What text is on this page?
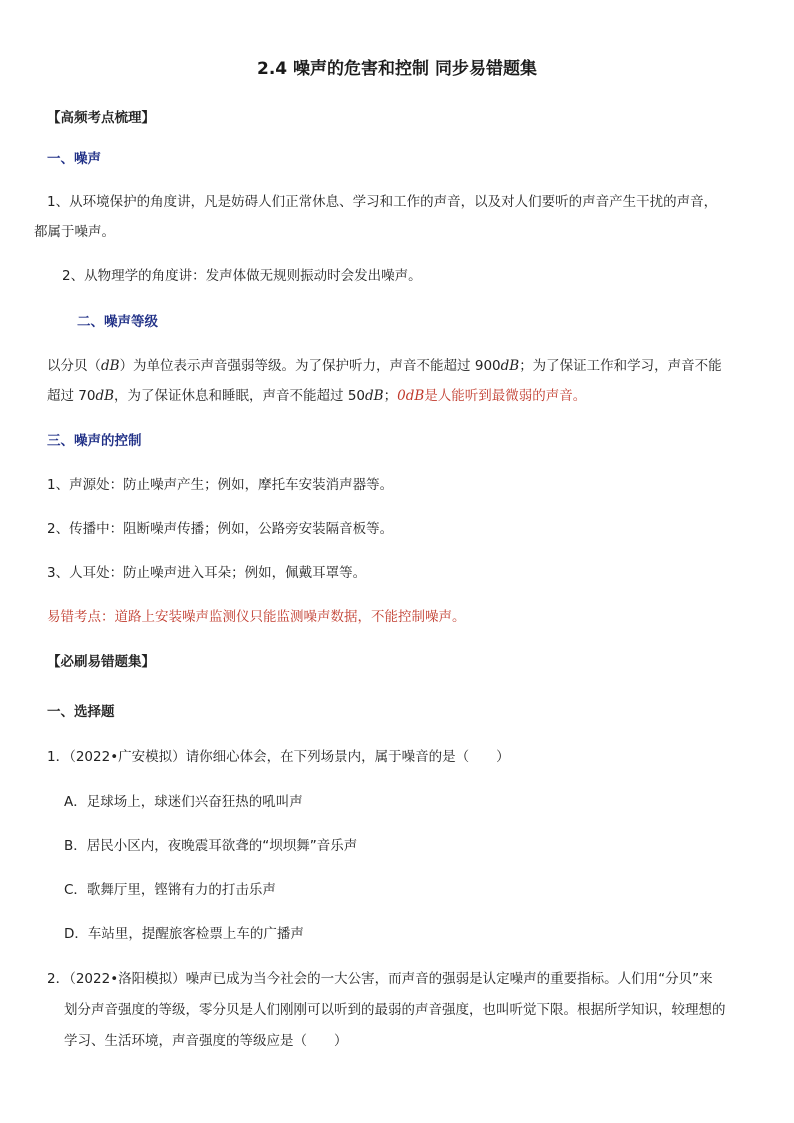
2.4 噪声的危害和控制 同步易错题集
【高频考点梳理】
一、噪声
1、从环境保护的角度讲，凡是妨碍人们正常休息、学习和工作的声音，以及对人们要听的声音产生干扰的声音，
都属于噪声。
2、从物理学的角度讲：发声体做无规则振动时会发出噪声。
二、噪声等级
以分贝（dB）为单位表示声音强弱等级。为了保护听力，声音不能超过 900dB；为了保证工作和学习，声音不能
超过 70dB，为了保证休息和睡眠，声音不能超过 50dB；0dB是人能听到最微弱的声音。
三、噪声的控制
1、声源处：防止噪声产生；例如，摩托车安装消声器等。
2、传播中：阻断噪声传播；例如，公路旁安装隔音板等。
3、人耳处：防止噪声进入耳朵；例如，佩戴耳罩等。
易错考点：道路上安装噪声监测仪只能监测噪声数据，不能控制噪声。
【必刷易错题集】
一、选择题
1．（2022•广安模拟）请你细心体会，在下列场景内，属于噪音的是（　　）
A．足球场上，球迷们兴奋狂热的吼叫声
B．居民小区内，夜晚震耳欲聋的“坝坝舞”音乐声
C．歌舞厅里，铿锵有力的打击乐声
D．车站里，提醒旅客检票上车的广播声
2．（2022•洛阳模拟）噪声已成为当今社会的一大公害，而声音的强弱是认定噪声的重要指标。人们用“分贝”来
划分声音强度的等级，零分贝是人们刚刚可以听到的最弱的声音强度，也叫听觉下限。根据所学知识，较理想的
学习、生活环境，声音强度的等级应是（　　）
